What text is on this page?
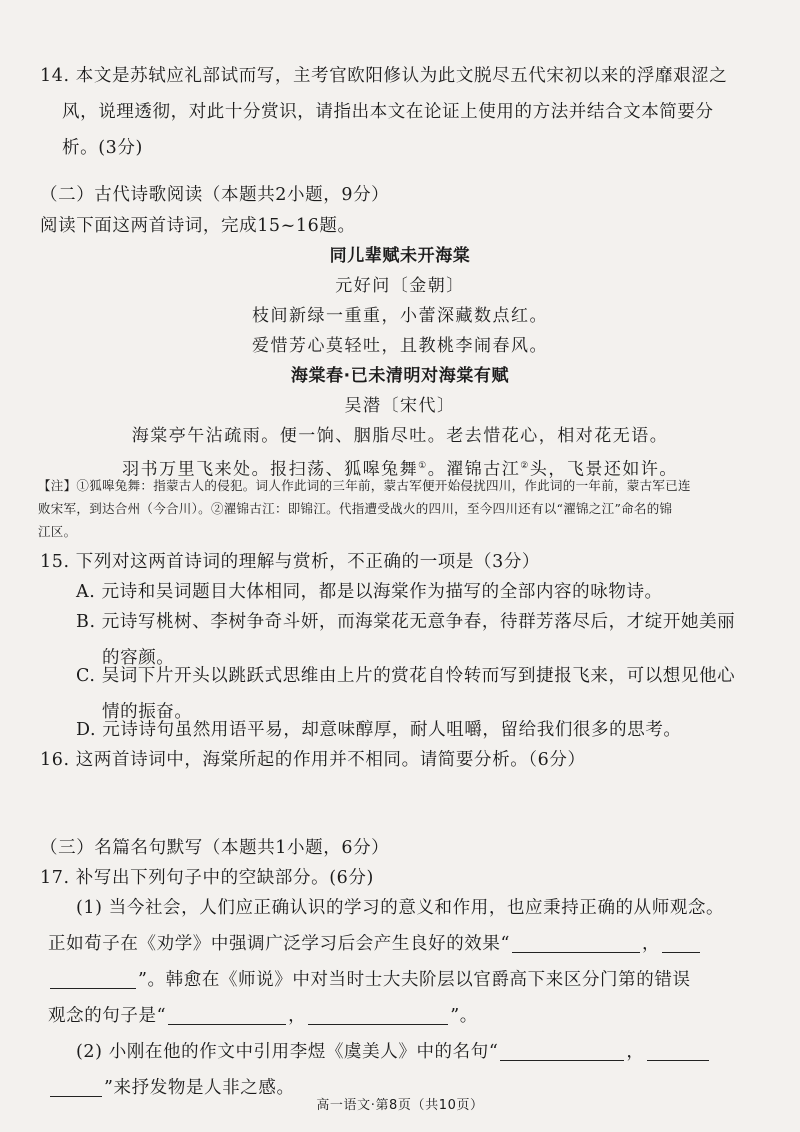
14. 本文是苏轼应礼部试而写，主考官欧阳修认为此文脱尽五代宋初以来的浮靡艰涩之
风，说理透彻，对此十分赏识，请指出本文在论证上使用的方法并结合文本简要分
析。(3分)
（二）古代诗歌阅读（本题共2小题，9分）
阅读下面这两首诗词，完成15~16题。
同儿辈赋未开海棠
元好问〔金朝〕
枝间新绿一重重，小蕾深藏数点红。
爱惜芳心莫轻吐，且教桃李闹春风。
海棠春·已未清明对海棠有赋
吴潜〔宋代〕
海棠亭午沾疏雨。便一饷、胭脂尽吐。老去惜花心，相对花无语。
羽书万里飞来处。报扫荡、狐嗥兔舞①。濯锦古江②头，飞景还如许。
【注】①狐嗥兔舞：指蒙古人的侵犯。词人作此词的三年前，蒙古军便开始侵扰四川，作此词的一年前，蒙古军已连
败宋军，到达合州（今合川）。②濯锦古江：即锦江。代指遭受战火的四川，至今四川还有以“濯锦之江”命名的锦
江区。
15. 下列对这两首诗词的理解与赏析，不正确的一项是（3分）
A. 元诗和吴词题目大体相同，都是以海棠作为描写的全部内容的咏物诗。
B. 元诗写桃树、李树争奇斗妍，而海棠花无意争春，待群芳落尽后，才绽开她美丽
的容颜。
C. 吴词下片开头以跳跃式思维由上片的赏花自怜转而写到捷报飞来，可以想见他心
情的振奋。
D. 元诗诗句虽然用语平易，却意味醇厚，耐人咀嚼，留给我们很多的思考。
16. 这两首诗词中，海棠所起的作用并不相同。请简要分析。（6分）
（三）名篇名句默写（本题共1小题，6分）
17. 补写出下列句子中的空缺部分。(6分)
(1) 当今社会，人们应正确认识的学习的意义和作用，也应秉持正确的从师观念。
正如荀子在《劝学》中强调广泛学习后会产生良好的效果“	，
”。韩愈在《师说》中对当时士大夫阶层以官爵高下来区分门第的错误
观念的句子是“	，	”。
(2) 小刚在他的作文中引用李煜《虞美人》中的名句“	，
”来抒发物是人非之感。
高一语文·第8页（共10页）
